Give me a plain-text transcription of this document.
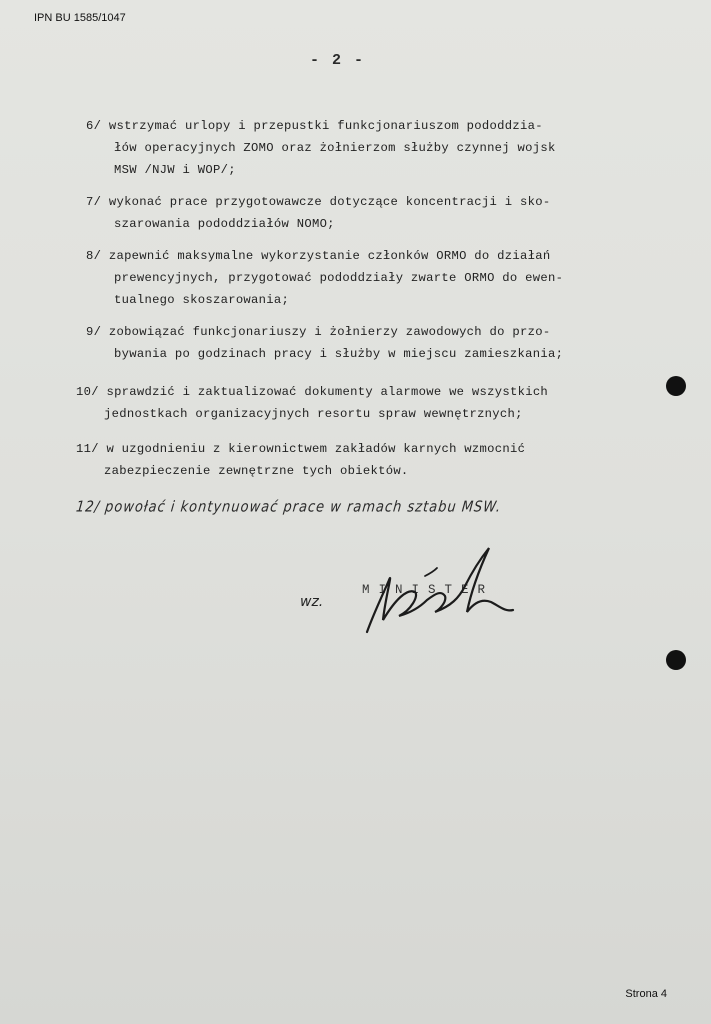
IPN BU 1585/1047
- 2 -
6/ wstrzymać urlopy i przepustki funkcjonariuszom pododdzia-
łów operacyjnych ZOMO oraz żołnierzom służby czynnej wojsk
MSW /NJW i WOP/;
7/ wykonać prace przygotowawcze dotyczące koncentracji i sko-
szarowania pododdziałów NOMO;
8/ zapewnić maksymalne wykorzystanie członków ORMO do działań
prewencyjnych, przygotować pododdziały zwarte ORMO do ewen-
tualnego skoszarowania;
9/ zobowiązać funkcjonariuszy i żołnierzy zawodowych do przo-
bywania po godzinach pracy i służby w miejscu zamieszkania;
10/ sprawdzić i zaktualizować dokumenty alarmowe we wszystkich
jednostkach organizacyjnych resortu spraw wewnętrznych;
11/ w uzgodnieniu z kierownictwem zakładów karnych wzmocnić
zabezpieczenie zewnętrzne tych obiektów.
12/ powołać i kontynuować prace w ramach sztabu MSW.
wz.
MINISTER
Strona 4
